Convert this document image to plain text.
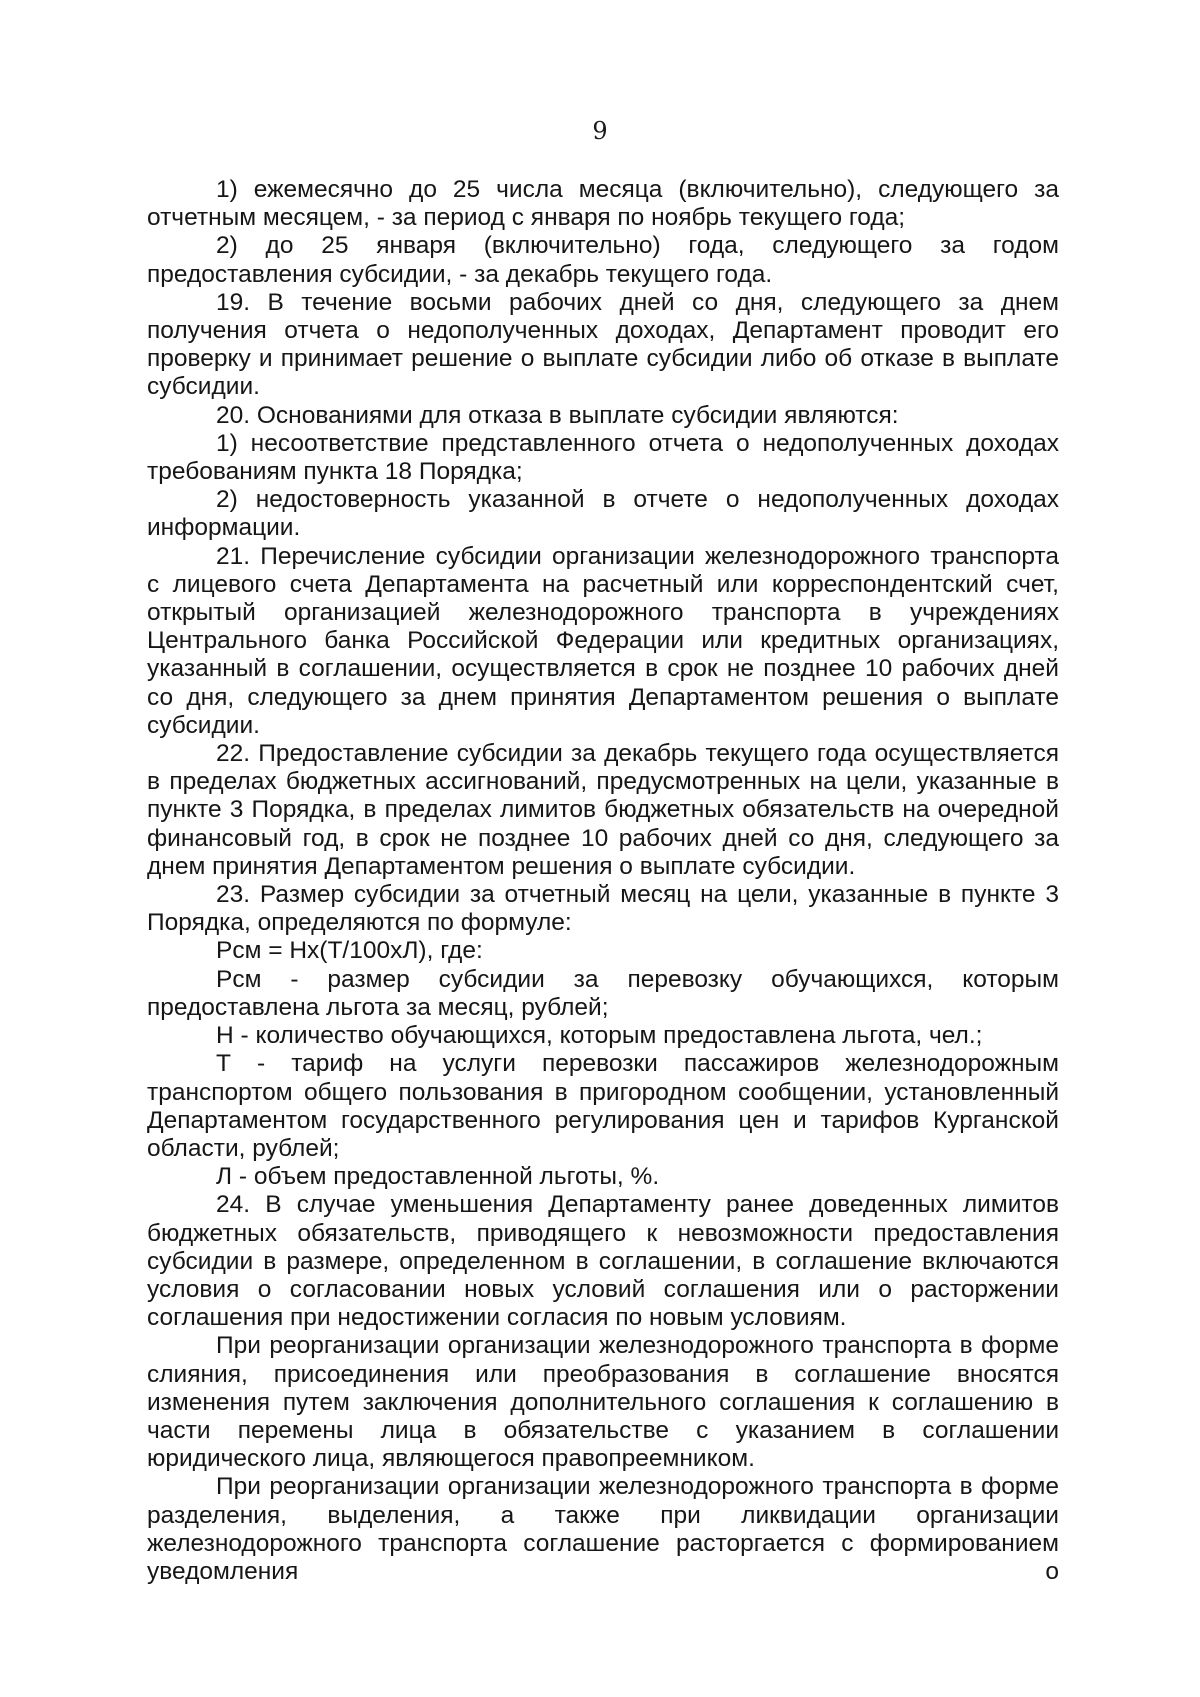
9

1) ежемесячно до 25 числа месяца (включительно), следующего за отчетным месяцем, - за период с января по ноябрь текущего года;

2) до 25 января (включительно) года, следующего за годом предоставления субсидии, - за декабрь текущего года.

19. В течение восьми рабочих дней со дня, следующего за днем получения отчета о недополученных доходах, Департамент проводит его проверку и принимает решение о выплате субсидии либо об отказе в выплате субсидии.

20. Основаниями для отказа в выплате субсидии являются:

1) несоответствие представленного отчета о недополученных доходах требованиям пункта 18 Порядка;

2) недостоверность указанной в отчете о недополученных доходах информации.

21. Перечисление субсидии организации железнодорожного транспорта с лицевого счета Департамента на расчетный или корреспондентский счет, открытый организацией железнодорожного транспорта в учреждениях Центрального банка Российской Федерации или кредитных организациях, указанный в соглашении, осуществляется в срок не позднее 10 рабочих дней со дня, следующего за днем принятия Департаментом решения о выплате субсидии.

22. Предоставление субсидии за декабрь текущего года осуществляется в пределах бюджетных ассигнований, предусмотренных на цели, указанные в пункте 3 Порядка, в пределах лимитов бюджетных обязательств на очередной финансовый год, в срок не позднее 10 рабочих дней со дня, следующего за днем принятия Департаментом решения о выплате субсидии.

23. Размер субсидии за отчетный месяц на цели, указанные в пункте 3 Порядка, определяются по формуле:

Рсм = Нх(Т/100хЛ), где:

Рсм - размер субсидии за перевозку обучающихся, которым предоставлена льгота за месяц, рублей;

Н - количество обучающихся, которым предоставлена льгота, чел.;

Т - тариф на услуги перевозки пассажиров железнодорожным транспортом общего пользования в пригородном сообщении, установленный Департаментом государственного регулирования цен и тарифов Курганской области, рублей;

Л - объем предоставленной льготы, %.

24. В случае уменьшения Департаменту ранее доведенных лимитов бюджетных обязательств, приводящего к невозможности предоставления субсидии в размере, определенном в соглашении, в соглашение включаются условия о согласовании новых условий соглашения или о расторжении соглашения при недостижении согласия по новым условиям.

При реорганизации организации железнодорожного транспорта в форме слияния, присоединения или преобразования в соглашение вносятся изменения путем заключения дополнительного соглашения к соглашению в части перемены лица в обязательстве с указанием в соглашении юридического лица, являющегося правопреемником.

При реорганизации организации железнодорожного транспорта в форме разделения, выделения, а также при ликвидации организации железнодорожного транспорта соглашение расторгается с формированием уведомления о
